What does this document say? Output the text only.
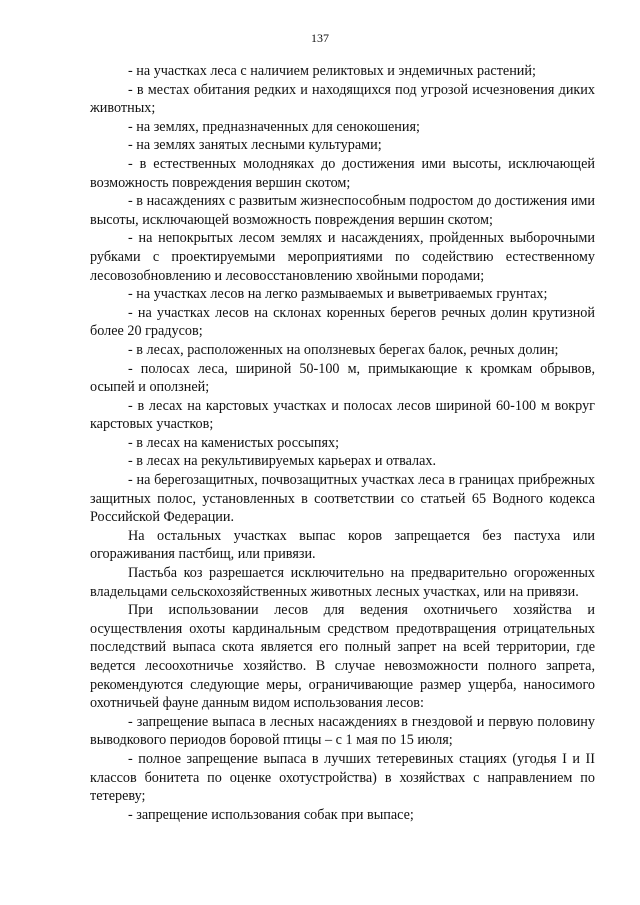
137

- на участках леса с наличием реликтовых и эндемичных растений;

- в местах обитания редких и находящихся под угрозой исчезновения диких животных;

- на землях, предназначенных для сенокошения;

- на землях занятых лесными культурами;

- в естественных молодняках до достижения ими высоты, исключающей возможность повреждения вершин скотом;

- в насаждениях с развитым жизнеспособным подростом до достижения ими высоты, исключающей возможность повреждения вершин скотом;

- на непокрытых лесом землях и насаждениях, пройденных выборочными рубками с проектируемыми мероприятиями по содействию естественному лесовозобновлению и лесовосстановлению хвойными породами;

- на участках лесов на легко размываемых и выветриваемых грунтах;

- на участках лесов на склонах коренных берегов речных долин крутизной более 20 градусов;

- в лесах, расположенных на оползневых берегах балок, речных долин;

- полосах леса, шириной 50-100 м, примыкающие к кромкам обрывов, осыпей и оползней;

- в лесах на карстовых участках и полосах лесов шириной 60-100 м вокруг карстовых участков;

- в лесах на каменистых россыпях;

- в лесах на рекультивируемых карьерах и отвалах.

- на берегозащитных, почвозащитных участках леса в границах прибрежных защитных полос, установленных в соответствии со статьей 65 Водного кодекса Российской Федерации.

На остальных участках выпас коров запрещается без пастуха или огораживания пастбищ, или привязи.

Пастьба коз разрешается исключительно на предварительно огороженных владельцами сельскохозяйственных животных лесных участках, или на привязи.

При использовании лесов для ведения охотничьего хозяйства и осуществления охоты кардинальным средством предотвращения отрицательных последствий выпаса скота является его полный запрет на всей территории, где ведется лесоохотничье хозяйство. В случае невозможности полного запрета, рекомендуются следующие меры, ограничивающие размер ущерба, наносимого охотничьей фауне данным видом использования лесов:

- запрещение выпаса в лесных насаждениях в гнездовой и первую половину выводкового периодов боровой птицы – с 1 мая по 15 июля;

- полное запрещение выпаса в лучших тетеревиных стациях (угодья I и II классов бонитета по оценке охотустройства) в хозяйствах с направлением по тетереву;

- запрещение использования собак при выпасе;
